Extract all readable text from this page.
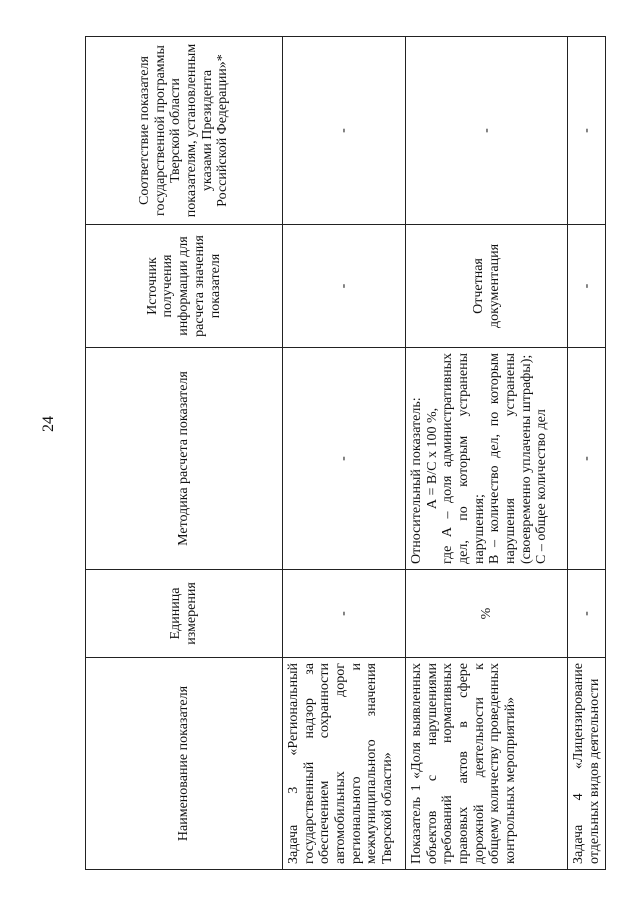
24
Наименование показателя	Единица измерения	Методика расчета показателя	Источник получения информации для расчета значения показателя	Соответствие показателя государственной программы Тверской области показателям, установленным указами Президента Российской Федерации»*
Задача 3 «Региональный государственный надзор за обеспечением сохранности автомобильных дорог регионального и межмуниципального значения Тверской области»	-	-	-	-
Показатель 1 «Доля выявленных объектов с нарушениями требований нормативных правовых актов в сфере дорожной деятельности к общему количеству проведенных контрольных мероприятий»	%	Относительный показатель: А = В/С х 100 %, где А – доля административных дел, по которым устранены нарушения; В – количество дел, по которым нарушения устранены (своевременно уплачены штрафы); С – общее количество дел	Отчетная документация	-
Задача 4 «Лицензирование отдельных видов деятельности	-	-	-	-
